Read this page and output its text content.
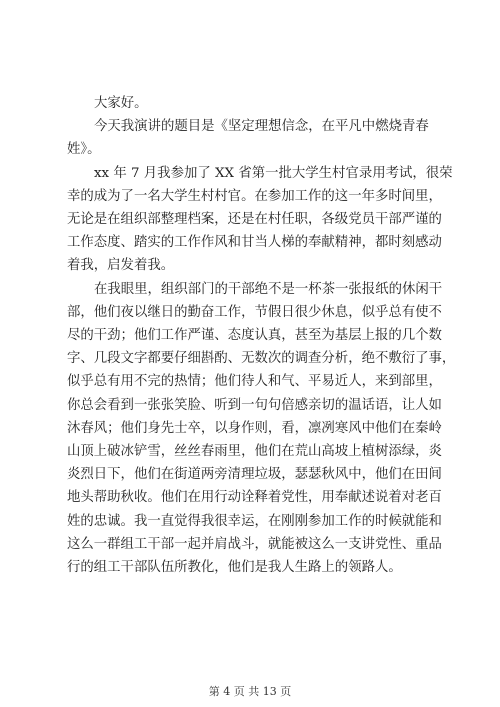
大家好。
今天我演讲的题目是《坚定理想信念，在平凡中燃烧青春
姓》。
xx 年 7 月我参加了 XX 省第一批大学生村官录用考试，很荣
幸的成为了一名大学生村村官。在参加工作的这一年多时间里，
无论是在组织部整理档案，还是在村任职，各级党员干部严谨的
工作态度、踏实的工作作风和甘当人梯的奉献精神，都时刻感动
着我，启发着我。
在我眼里，组织部门的干部绝不是一杯茶一张报纸的休闲干
部，他们夜以继日的勤奋工作，节假日很少休息，似乎总有使不
尽的干劲；他们工作严谨、态度认真，甚至为基层上报的几个数
字、几段文字都要仔细斟酌、无数次的调查分析，绝不敷衍了事，
似乎总有用不完的热情；他们待人和气、平易近人，来到部里，
你总会看到一张张笑脸、听到一句句倍感亲切的温话语，让人如
沐春风；他们身先士卒，以身作则，看，凛冽寒风中他们在秦岭
山顶上破冰铲雪，丝丝春雨里，他们在荒山高坡上植树添绿，炎
炎烈日下，他们在街道两旁清理垃圾，瑟瑟秋风中，他们在田间
地头帮助秋收。他们在用行动诠释着党性，用奉献述说着对老百
姓的忠诚。我一直觉得我很幸运，在刚刚参加工作的时候就能和
这么一群组工干部一起并肩战斗，就能被这么一支讲党性、重品
行的组工干部队伍所教化，他们是我人生路上的领路人。
第 4 页 共 13 页
